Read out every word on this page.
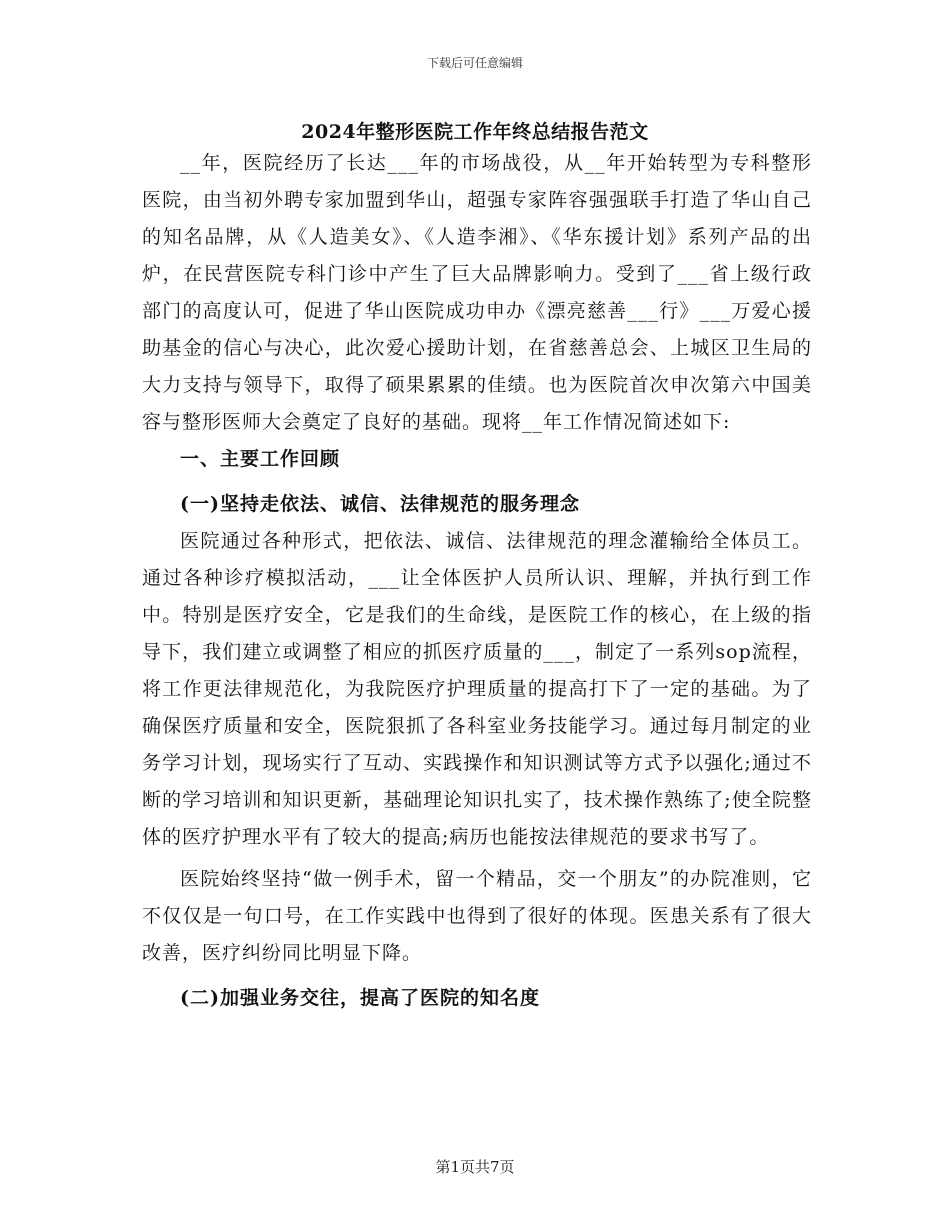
下载后可任意编辑
2024年整形医院工作年终总结报告范文

__年，医院经历了长达___年的市场战役，从__年开始转型为专科整形医院，由当初外聘专家加盟到华山，超强专家阵容强强联手打造了华山自己的知名品牌，从《人造美女》、《人造李湘》、《华东援计划》系列产品的出炉，在民营医院专科门诊中产生了巨大品牌影响力。受到了___省上级行政部门的高度认可，促进了华山医院成功申办《漂亮慈善___行》___万爱心援助基金的信心与决心，此次爱心援助计划，在省慈善总会、上城区卫生局的大力支持与领导下，取得了硕果累累的佳绩。也为医院首次申次第六中国美容与整形医师大会奠定了良好的基础。现将__年工作情况简述如下:

一、主要工作回顾
(一)坚持走依法、诚信、法律规范的服务理念

医院通过各种形式，把依法、诚信、法律规范的理念灌输给全体员工。通过各种诊疗模拟活动，___让全体医护人员所认识、理解，并执行到工作中。特别是医疗安全，它是我们的生命线，是医院工作的核心，在上级的指导下，我们建立或调整了相应的抓医疗质量的___，制定了一系列sop流程，将工作更法律规范化，为我院医疗护理质量的提高打下了一定的基础。为了确保医疗质量和安全，医院狠抓了各科室业务技能学习。通过每月制定的业务学习计划，现场实行了互动、实践操作和知识测试等方式予以强化;通过不断的学习培训和知识更新，基础理论知识扎实了，技术操作熟练了;使全院整体的医疗护理水平有了较大的提高;病历也能按法律规范的要求书写了。

医院始终坚持“做一例手术，留一个精品，交一个朋友”的办院准则，它不仅仅是一句口号，在工作实践中也得到了很好的体现。医患关系有了很大改善，医疗纠纷同比明显下降。

(二)加强业务交往，提高了医院的知名度
第1页共7页
